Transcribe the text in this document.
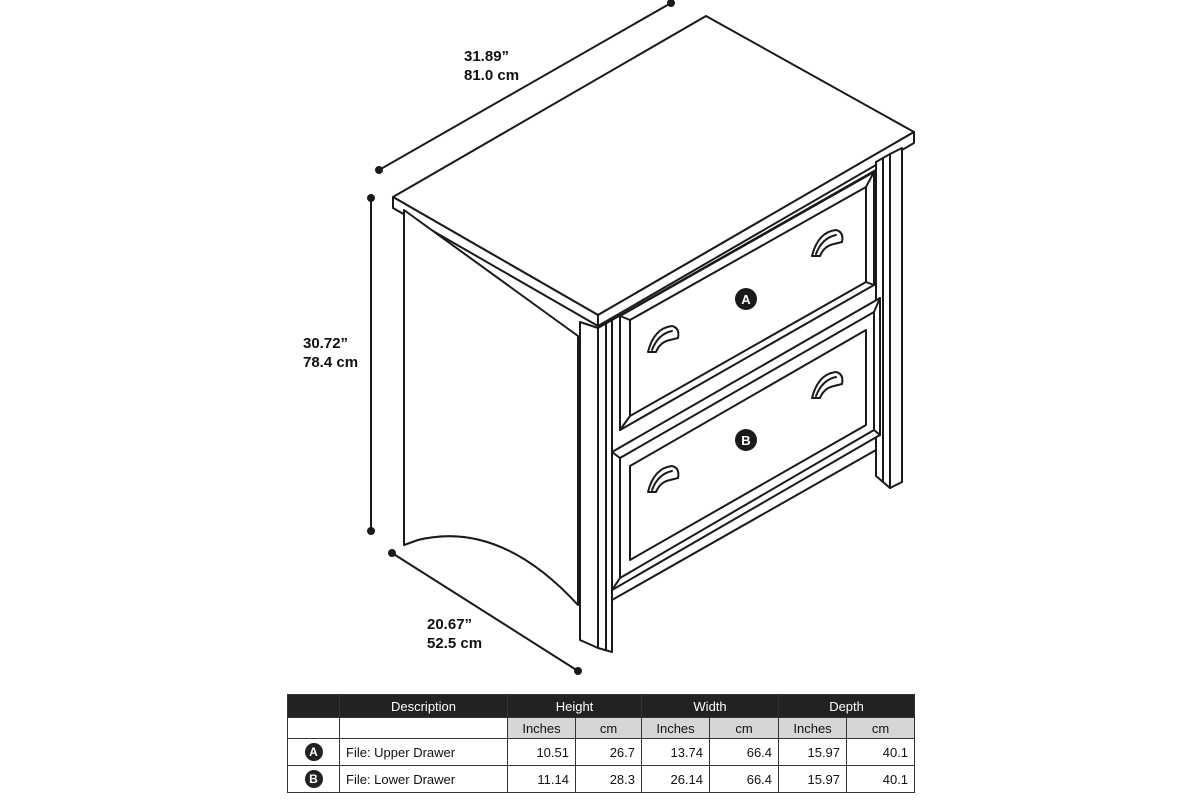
A
B
31.89”
81.0 cm
30.72”
78.4 cm
20.67”
52.5 cm
	Description	Height		Width		Depth	
		Inches	cm	Inches	cm	Inches	cm
A	File: Upper Drawer	10.51	26.7	13.74	66.4	15.97	40.1
B	File: Lower Drawer	11.14	28.3	26.14	66.4	15.97	40.1
